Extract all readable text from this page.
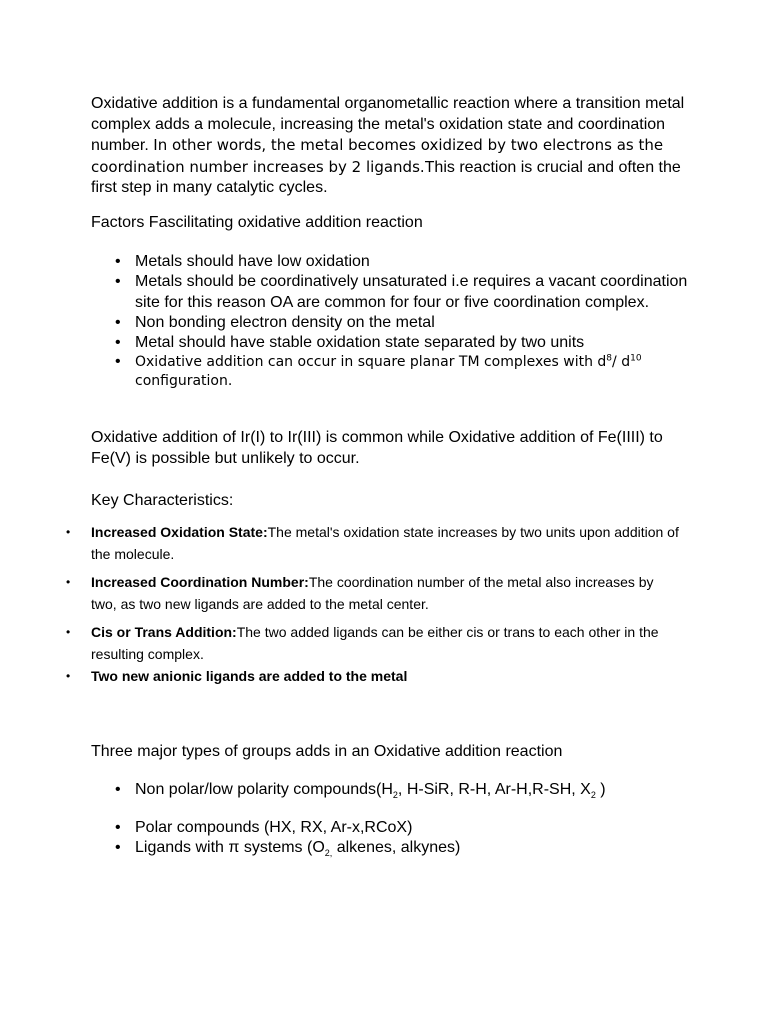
Oxidative addition is a fundamental organometallic reaction where a transition metal complex adds a molecule, increasing the metal's oxidation state and coordination number. In other words, the metal becomes oxidized by two electrons as the coordination number increases by 2 ligands.This reaction is crucial and often the first step in many catalytic cycles.
Factors Fascilitating oxidative addition reaction
• Metals should have low oxidation
• Metals should be coordinatively unsaturated i.e requires a vacant coordination site for this reason OA are common for four or five coordination complex.
• Non bonding electron density on the metal
• Metal should have stable oxidation state separated by two units
• Oxidative addition can occur in square planar TM complexes with $d^8/$ $d^{10}$ configuration.
Oxidative addition of Ir(I) to Ir(III) is common while Oxidative addition of Fe(IIII) to Fe(V) is possible but unlikely to occur.
Key Characteristics:
• Increased Oxidation State:The metal's oxidation state increases by two units upon addition of the molecule.
• Increased Coordination Number:The coordination number of the metal also increases by two, as two new ligands are added to the metal center.
• Cis or Trans Addition:The two added ligands can be either cis or trans to each other in the resulting complex.
• Two new anionic ligands are added to the metal
Three major types of groups adds in an Oxidative addition reaction
• Non polar/low polarity $compounds(H_2$, H-SiR, R-H, Ar-H,R-SH, $X_2$ )
• Polar compounds (HX, RX, Ar-x,RCoX)
• Ligands with π systems ($O_{2,}$ alkenes, alkynes)
